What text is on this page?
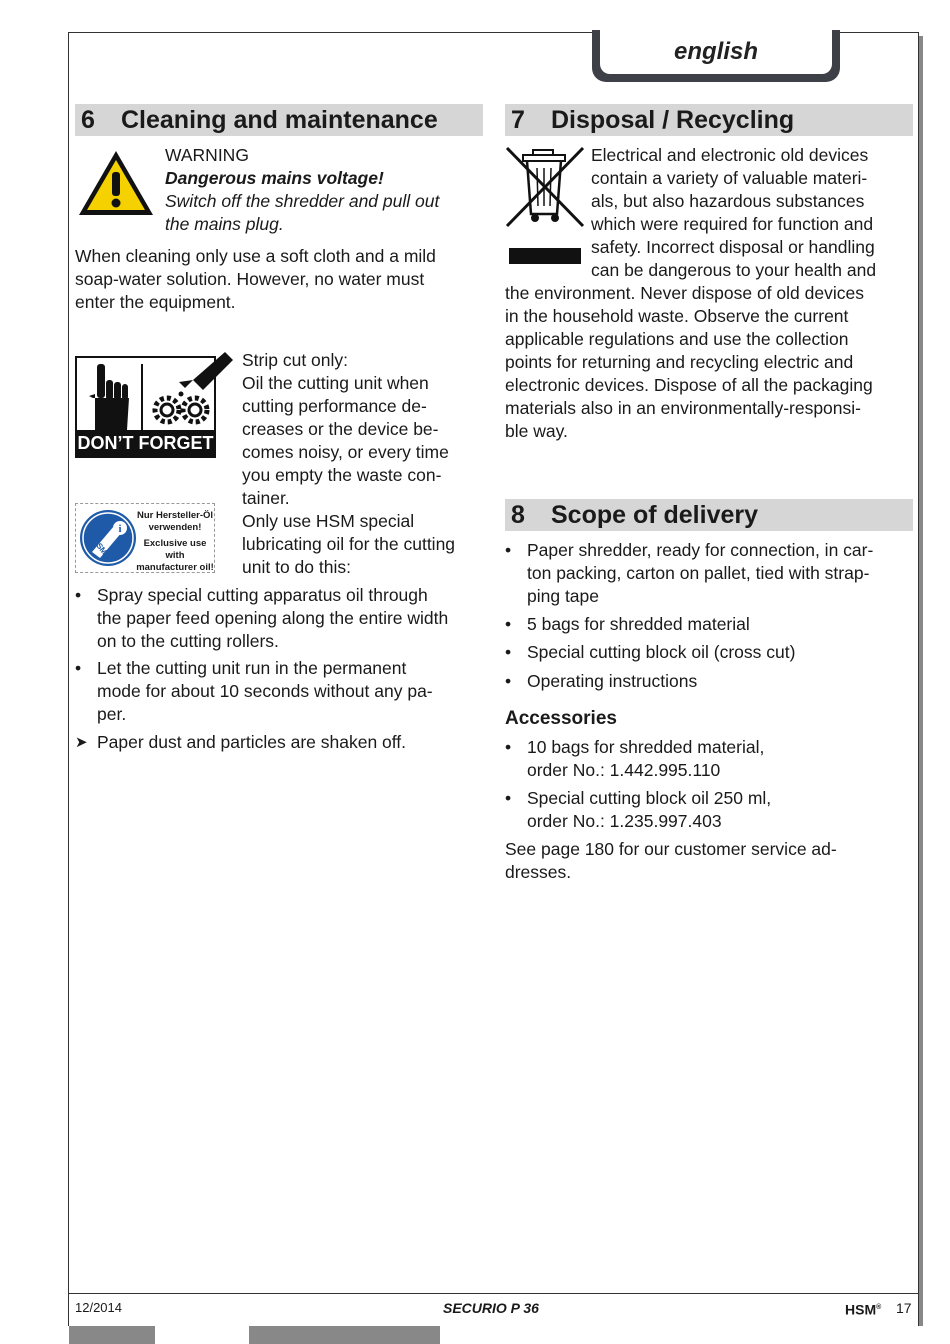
english
6	Cleaning and maintenance

WARNING

Dangerous mains voltage!

Switch off the shredder and pull out

the mains plug.

When cleaning only use a soft cloth and a mild

soap-water solution. However, no water must

enter the equipment.

DON’T FORGET

Strip cut only:

Oil the cutting unit when

cutting performance de-

creases or the device be-

comes noisy, or every time

you empty the waste con-

tainer.

Only use HSM special

lubricating oil for the cutting

unit to do this:

i
HSM
Nur Hersteller-Öl
verwenden!
Exclusive use with
manufacturer oil!
• Spray special cutting apparatus oil through
the paper feed opening along the entire width
on to the cutting rollers.
• Let the cutting unit run in the permanent
mode for about 10 seconds without any pa-
per.
➤ Paper dust and particles are shaken off.
7	Disposal / Recycling

Electrical and electronic old devices

contain a variety of valuable materi-

als, but also hazardous substances

which were required for function and

safety. Incorrect disposal or handling

can be dangerous to your health and

the environment. Never dispose of old devices

in the household waste. Observe the current

applicable regulations and use the collection

points for returning and recycling electric and

electronic devices. Dispose of all the packaging

materials also in an environmentally-responsi-

ble way.

8	Scope of delivery
• Paper shredder, ready for connection, in car-
ton packing, carton on pallet, tied with strap-
ping tape
• 5 bags for shredded material
• Special cutting block oil (cross cut)
• Operating instructions
Accessories
• 10 bags for shredded material,
order No.: 1.442.995.110
• Special cutting block oil 250 ml,
order No.: 1.235.997.403

See page 180 for our customer service ad-

dresses.

12/2014	SECURIO P 36	HSM® 17
